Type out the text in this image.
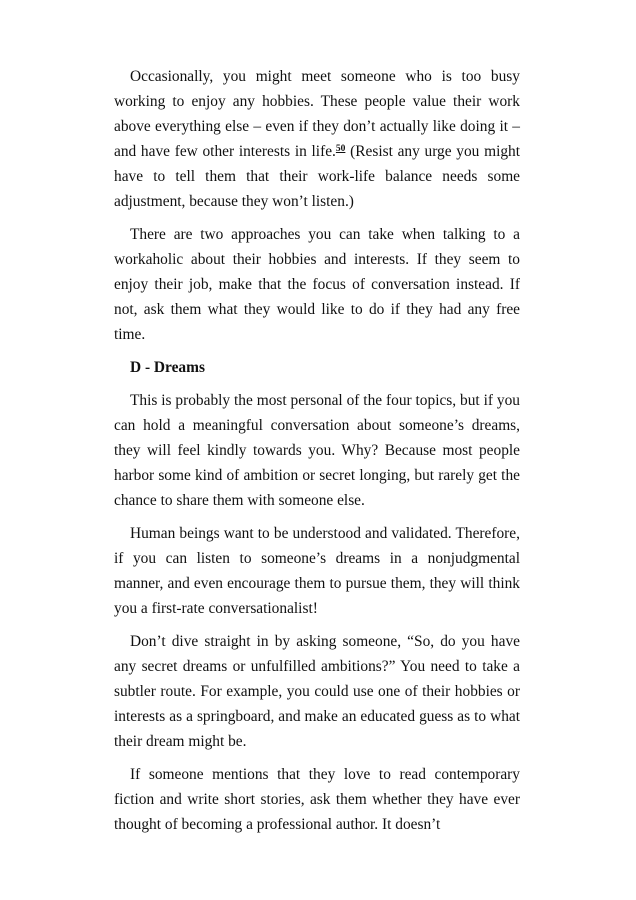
Occasionally, you might meet someone who is too busy working to enjoy any hobbies. These people value their work above everything else – even if they don’t actually like doing it – and have few other interests in life.$^{50}$ (Resist any urge you might have to tell them that their work-life balance needs some adjustment, because they won’t listen.)

There are two approaches you can take when talking to a workaholic about their hobbies and interests. If they seem to enjoy their job, make that the focus of conversation instead. If not, ask them what they would like to do if they had any free time.

D - Dreams

This is probably the most personal of the four topics, but if you can hold a meaningful conversation about someone’s dreams, they will feel kindly towards you. Why? Because most people harbor some kind of ambition or secret longing, but rarely get the chance to share them with someone else.

Human beings want to be understood and validated. Therefore, if you can listen to someone’s dreams in a nonjudgmental manner, and even encourage them to pursue them, they will think you a first-rate conversationalist!

Don’t dive straight in by asking someone, “So, do you have any secret dreams or unfulfilled ambitions?” You need to take a subtler route. For example, you could use one of their hobbies or interests as a springboard, and make an educated guess as to what their dream might be.

If someone mentions that they love to read contemporary fiction and write short stories, ask them whether they have ever thought of becoming a professional author. It doesn’t
